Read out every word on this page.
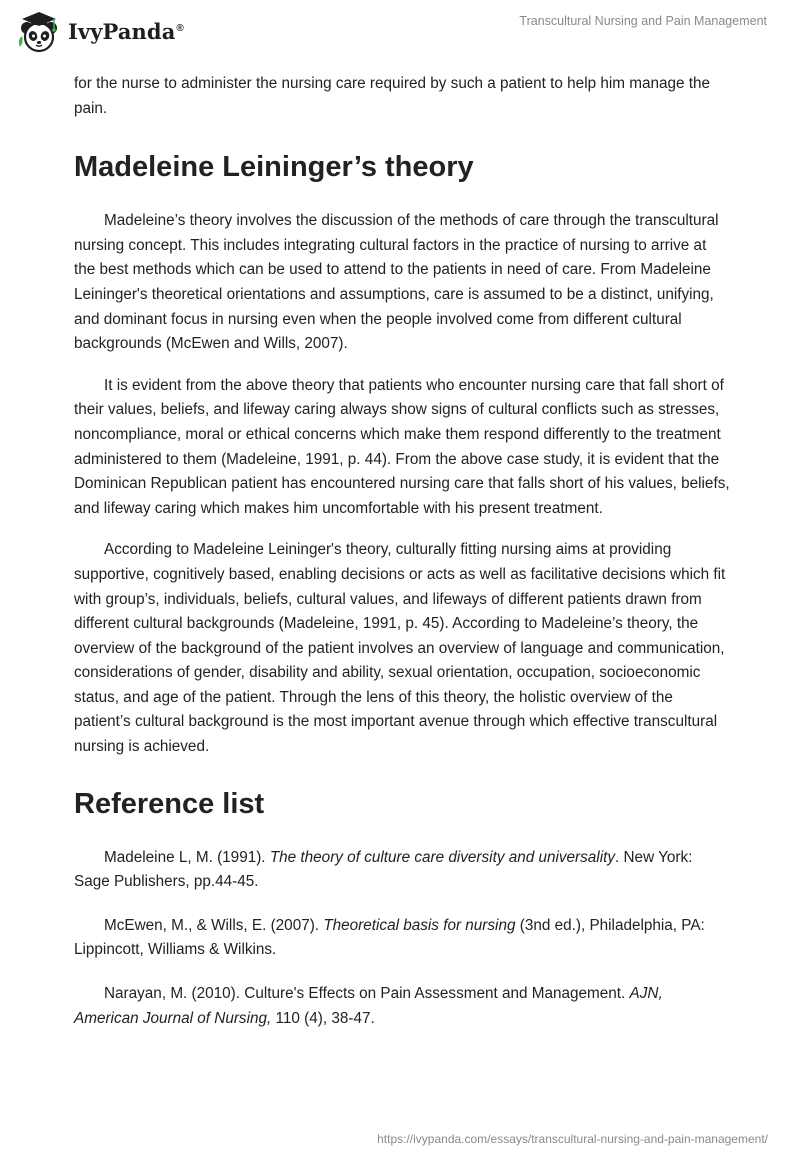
IvyPanda®	Transcultural Nursing and Pain Management

for the nurse to administer the nursing care required by such a patient to help him manage the pain.

Madeleine Leininger’s theory

Madeleine’s theory involves the discussion of the methods of care through the transcultural nursing concept. This includes integrating cultural factors in the practice of nursing to arrive at the best methods which can be used to attend to the patients in need of care. From Madeleine Leininger's theoretical orientations and assumptions, care is assumed to be a distinct, unifying, and dominant focus in nursing even when the people involved come from different cultural backgrounds (McEwen and Wills, 2007).

It is evident from the above theory that patients who encounter nursing care that fall short of their values, beliefs, and lifeway caring always show signs of cultural conflicts such as stresses, noncompliance, moral or ethical concerns which make them respond differently to the treatment administered to them (Madeleine, 1991, p. 44). From the above case study, it is evident that the Dominican Republican patient has encountered nursing care that falls short of his values, beliefs, and lifeway caring which makes him uncomfortable with his present treatment.

According to Madeleine Leininger's theory, culturally fitting nursing aims at providing supportive, cognitively based, enabling decisions or acts as well as facilitative decisions which fit with group’s, individuals, beliefs, cultural values, and lifeways of different patients drawn from different cultural backgrounds (Madeleine, 1991, p. 45). According to Madeleine’s theory, the overview of the background of the patient involves an overview of language and communication, considerations of gender, disability and ability, sexual orientation, occupation, socioeconomic status, and age of the patient. Through the lens of this theory, the holistic overview of the patient’s cultural background is the most important avenue through which effective transcultural nursing is achieved.

Reference list

Madeleine L, M. (1991). The theory of culture care diversity and universality. New York: Sage Publishers, pp.44-45.

McEwen, M., & Wills, E. (2007). Theoretical basis for nursing (3nd ed.), Philadelphia, PA: Lippincott, Williams & Wilkins.

Narayan, M. (2010). Culture's Effects on Pain Assessment and Management. AJN, American Journal of Nursing, 110 (4), 38-47.

https://ivypanda.com/essays/transcultural-nursing-and-pain-management/
